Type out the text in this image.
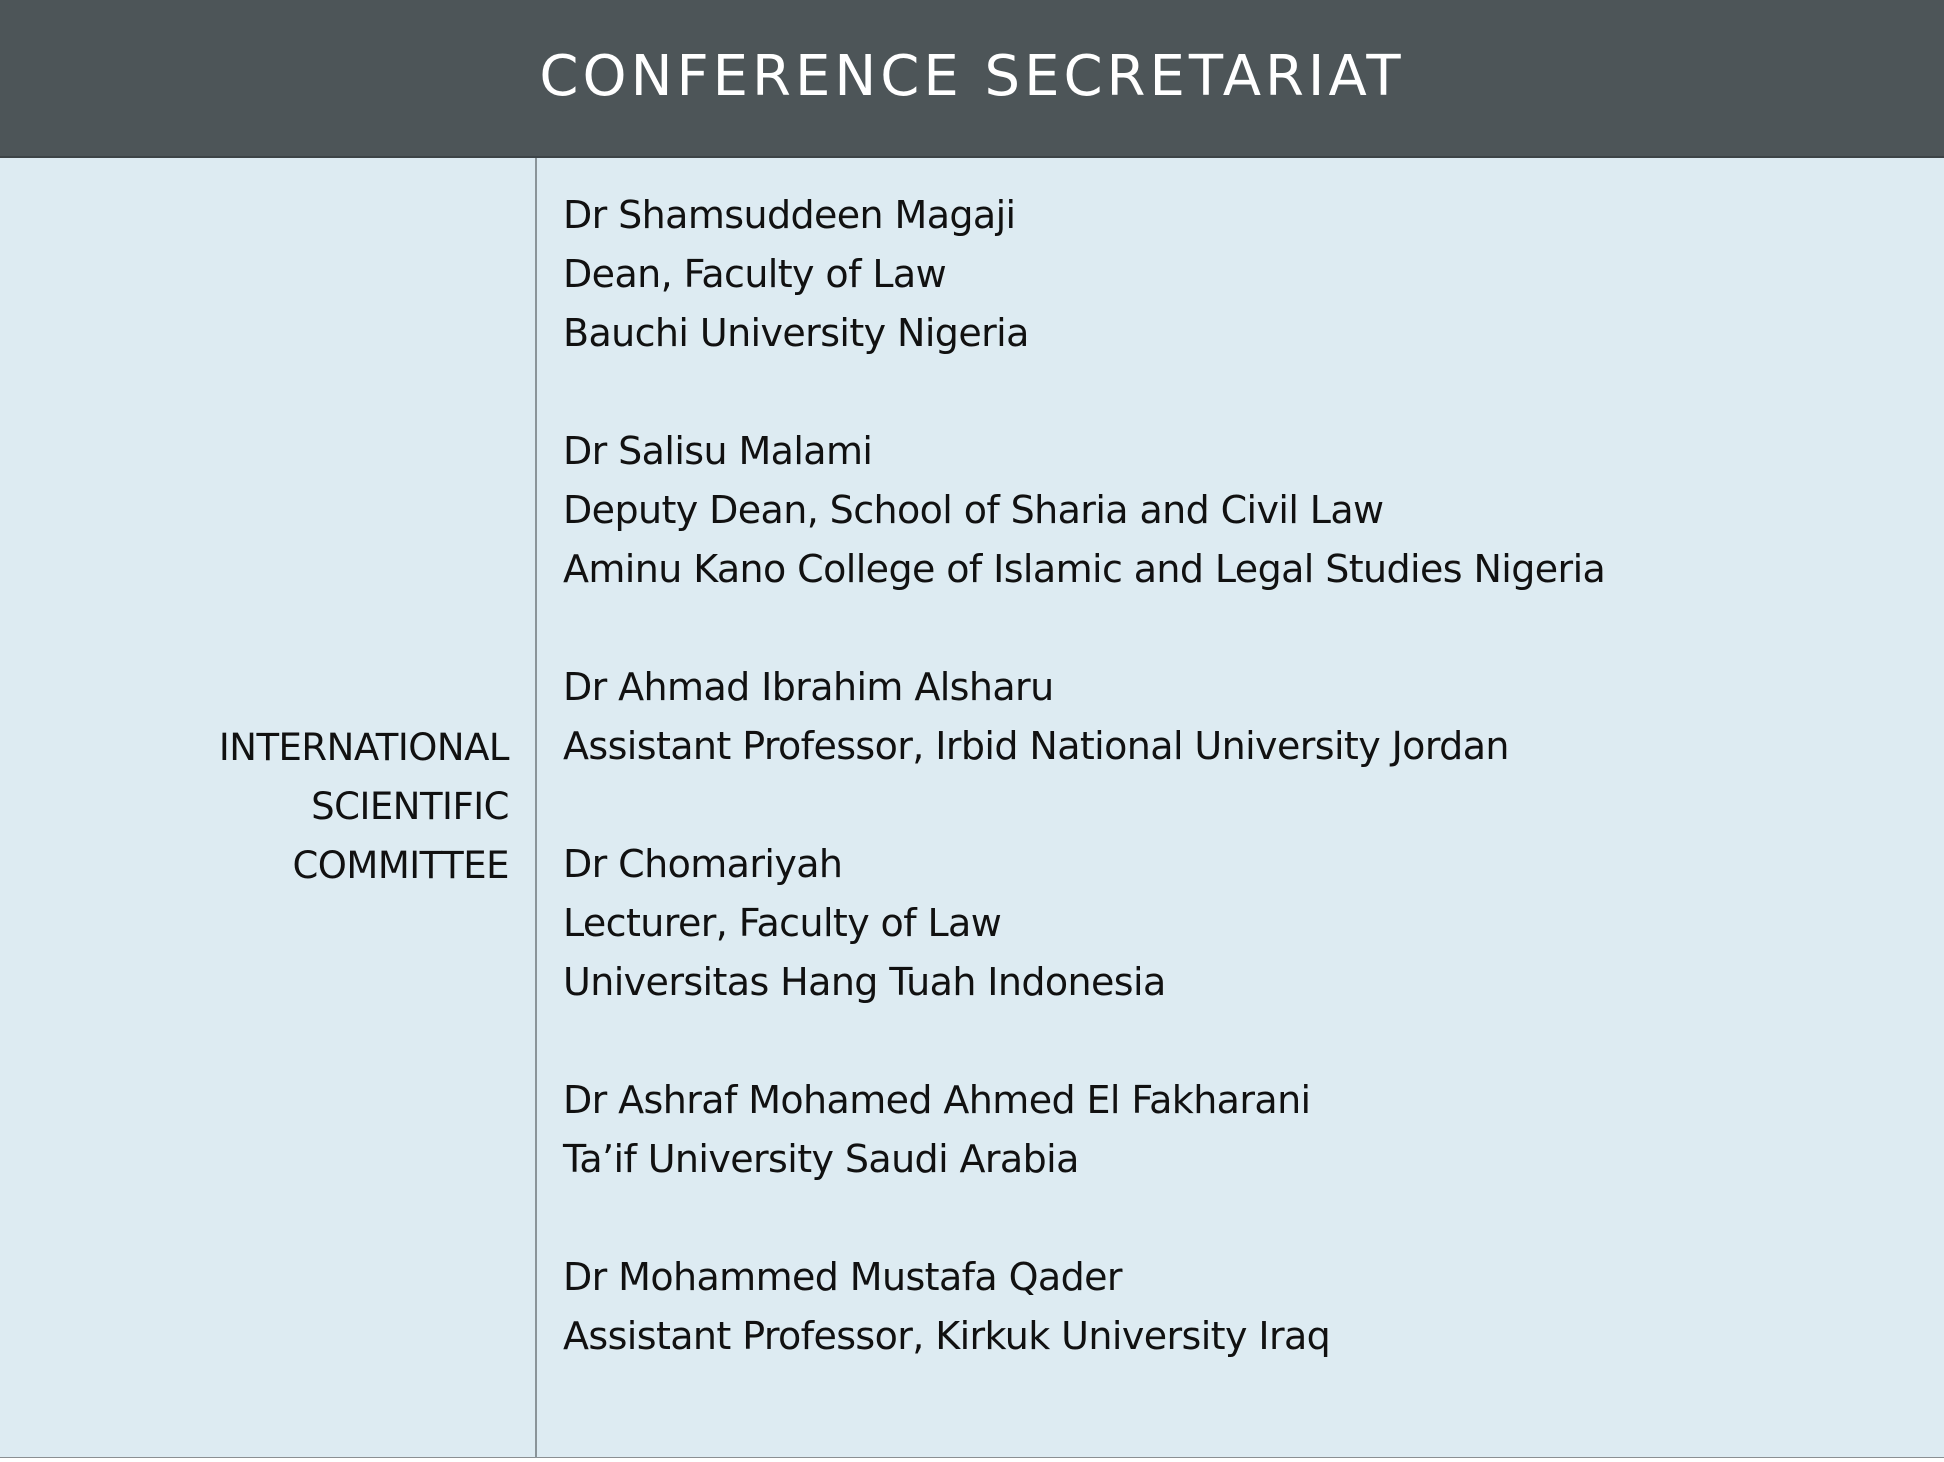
CONFERENCE SECRETARIAT
INTERNATIONAL
SCIENTIFIC
COMMITTEE
Dr Shamsuddeen Magaji
Dean, Faculty of Law
Bauchi University Nigeria
Dr Salisu Malami
Deputy Dean, School of Sharia and Civil Law
Aminu Kano College of Islamic and Legal Studies Nigeria
Dr Ahmad Ibrahim Alsharu
Assistant Professor, Irbid National University Jordan
Dr Chomariyah
Lecturer, Faculty of Law
Universitas Hang Tuah Indonesia
Dr Ashraf Mohamed Ahmed El Fakharani
Ta’if University Saudi Arabia
Dr Mohammed Mustafa Qader
Assistant Professor, Kirkuk University Iraq
